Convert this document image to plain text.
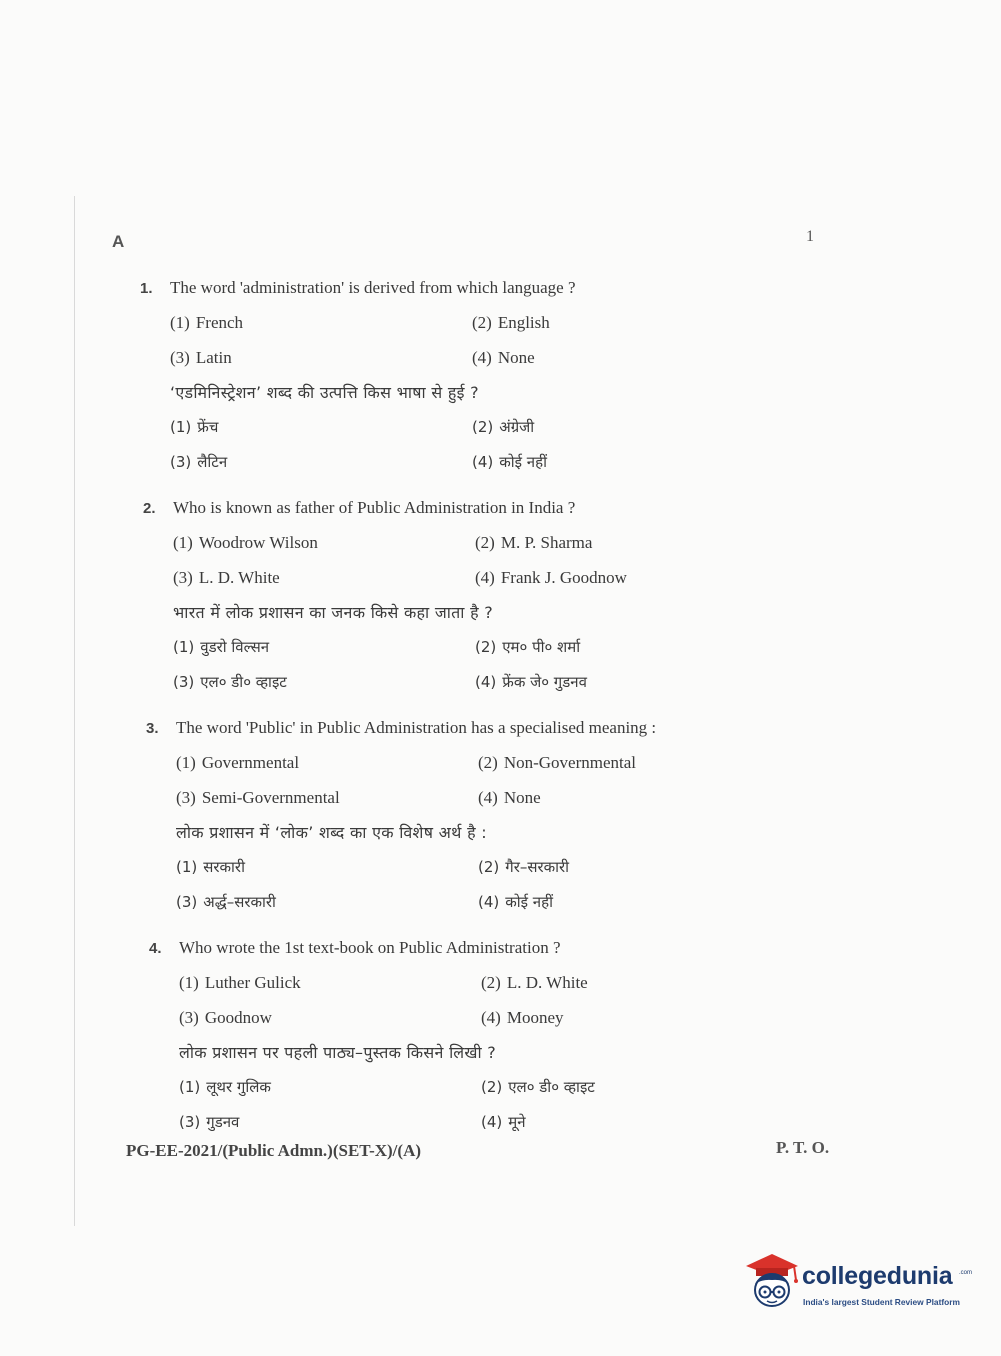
A	1
1. The word 'administration' is derived from which language ?
(1) French	(2) English
(3) Latin	(4) None
‘एडमिनिस्ट्रेशन’ शब्द की उत्पत्ति किस भाषा से हुई ?
(1) फ्रेंच	(2) अंग्रेजी
(3) लैटिन	(4) कोई नहीं
2. Who is known as father of Public Administration in India ?
(1) Woodrow Wilson	(2) M. P. Sharma
(3) L. D. White	(4) Frank J. Goodnow
भारत में लोक प्रशासन का जनक किसे कहा जाता है ?
(1) वुडरो विल्सन	(2) एम० पी० शर्मा
(3) एल० डी० व्हाइट	(4) फ्रेंक जे० गुडनव
3. The word 'Public' in Public Administration has a specialised meaning :
(1) Governmental	(2) Non-Governmental
(3) Semi-Governmental	(4) None
लोक प्रशासन में ‘लोक’ शब्द का एक विशेष अर्थ है :
(1) सरकारी	(2) गैर–सरकारी
(3) अर्द्ध–सरकारी	(4) कोई नहीं
4. Who wrote the 1st text-book on Public Administration ?
(1) Luther Gulick	(2) L. D. White
(3) Goodnow	(4) Mooney
लोक प्रशासन पर पहली पाठ्य–पुस्तक किसने लिखी ?
(1) लूथर गुलिक	(2) एल० डी० व्हाइट
(3) गुडनव	(4) मूने
PG-EE-2021/(Public Admn.)(SET-X)/(A)	P. T. O.
collegedunia .com
India's largest Student Review Platform
